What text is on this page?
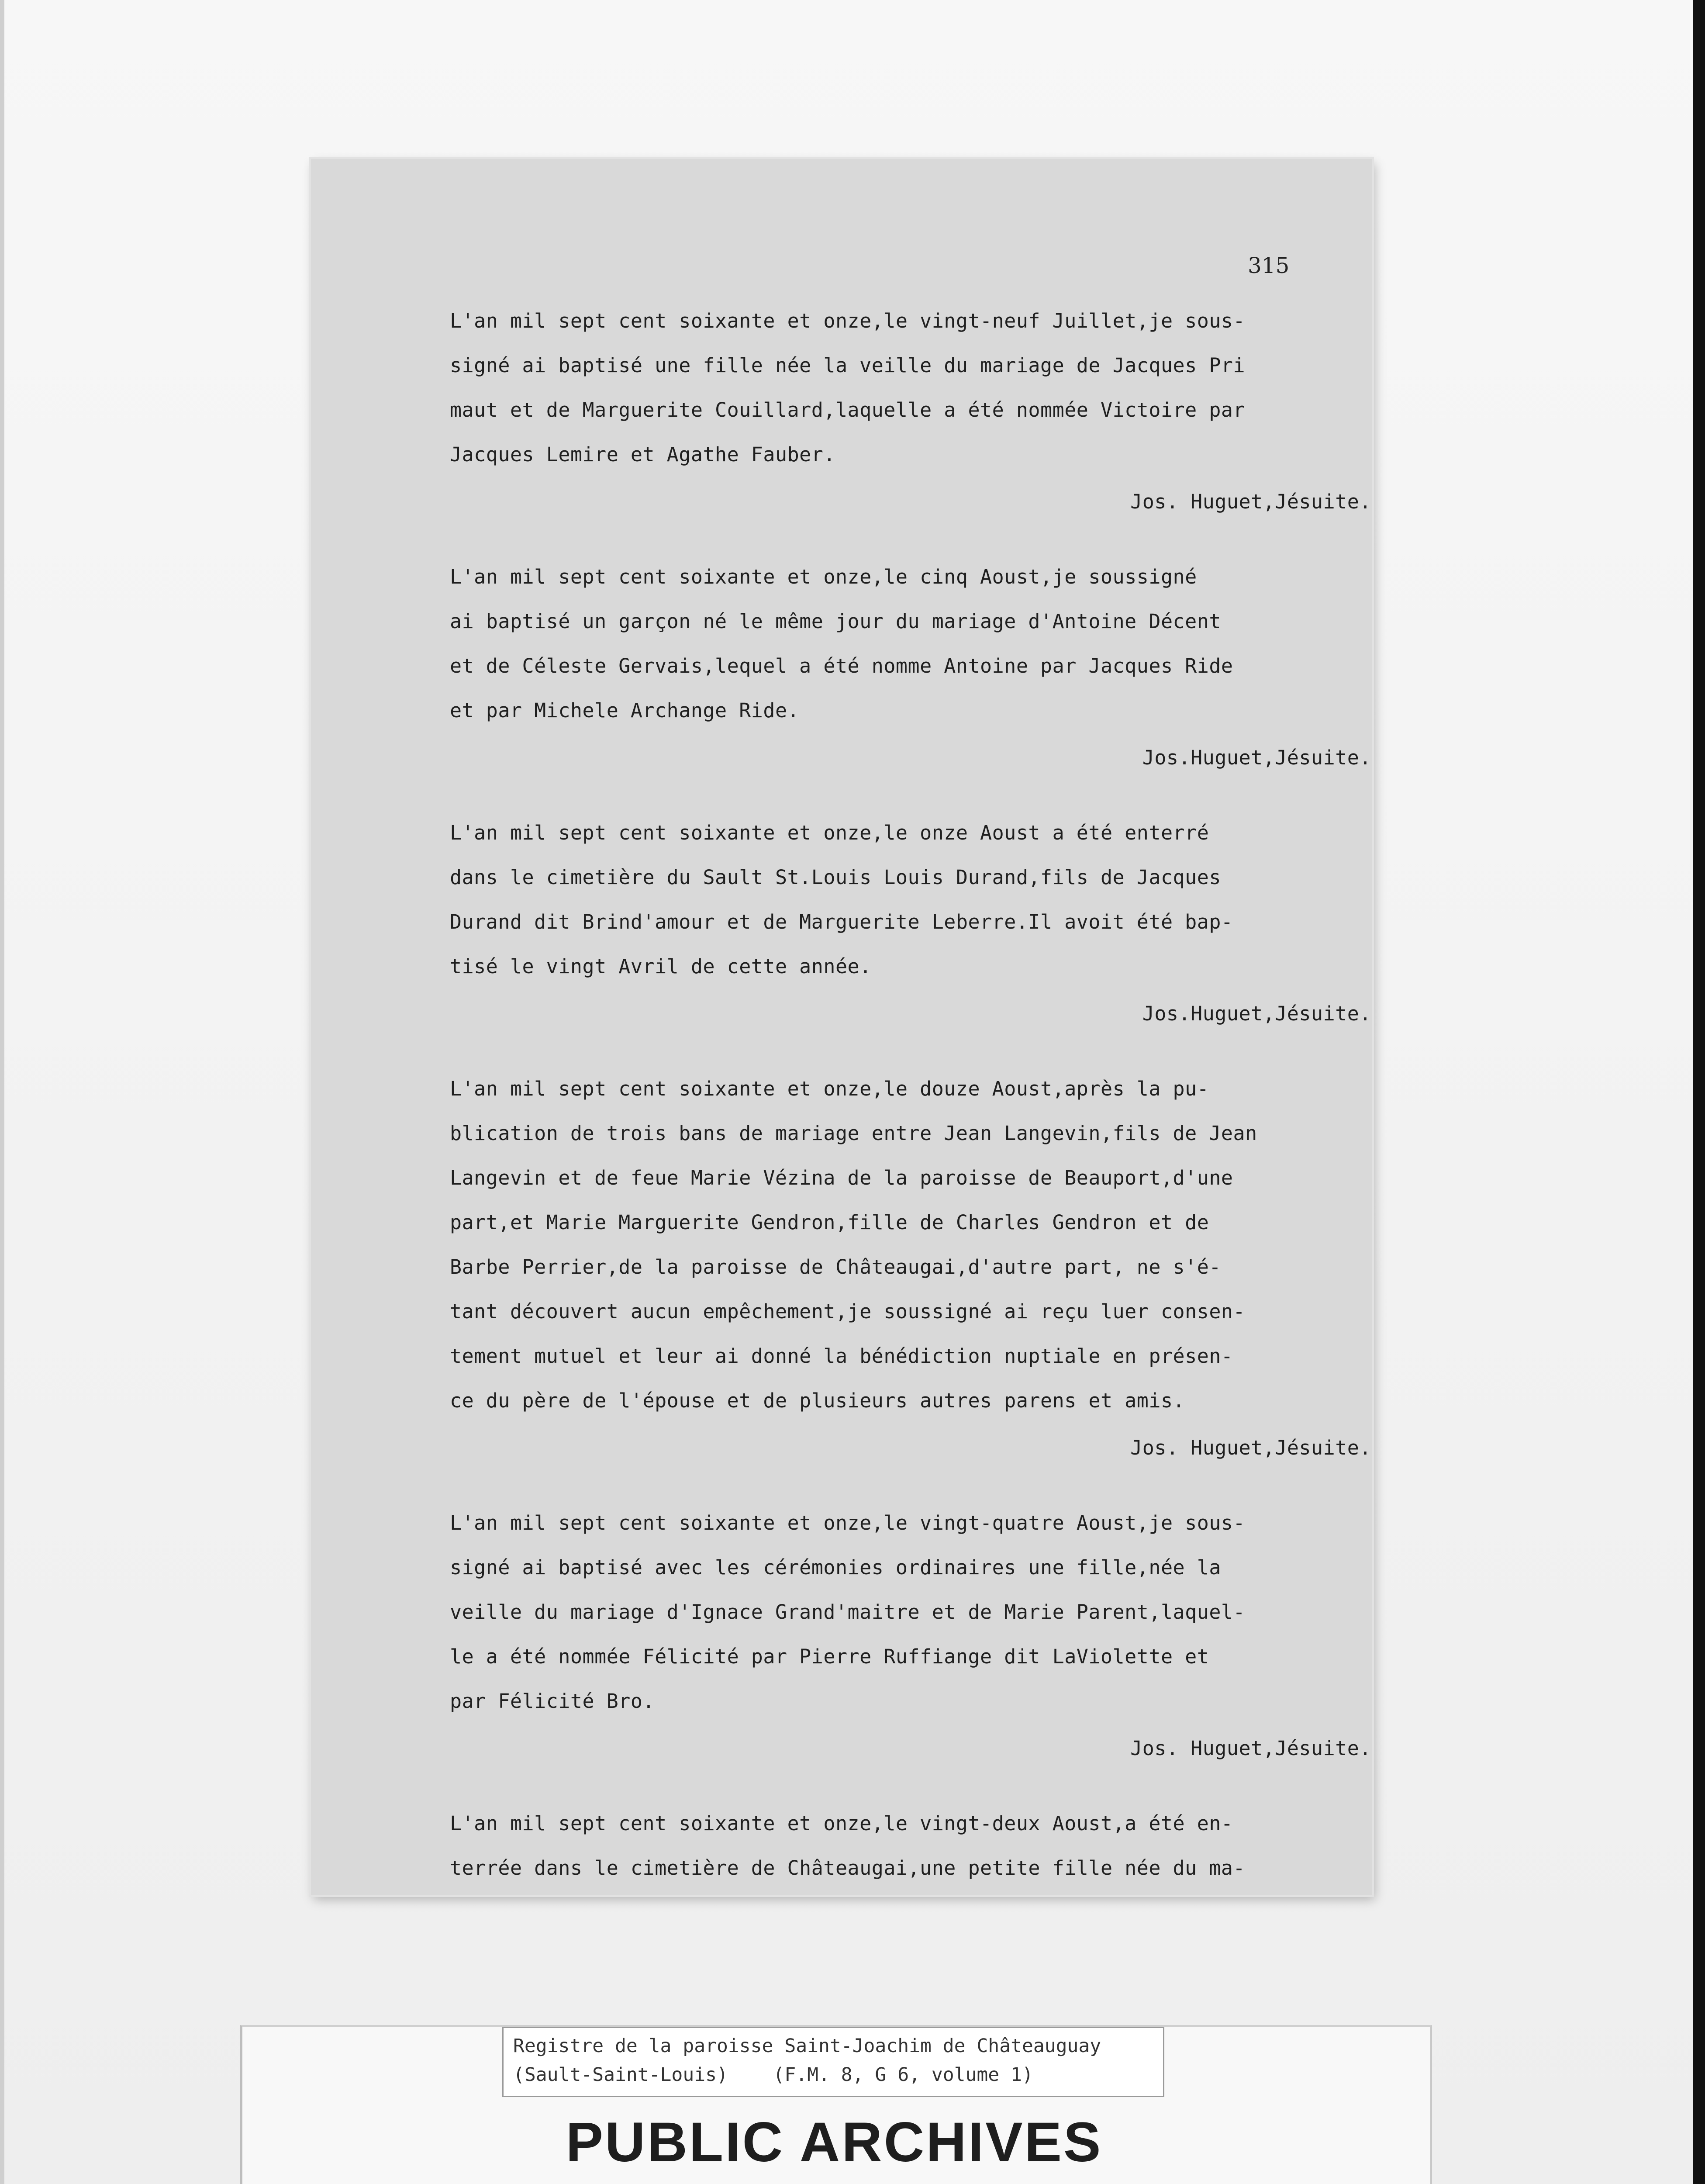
315

L'an mil sept cent soixante et onze,le vingt-neuf Juillet,je sous-

signé ai baptisé une fille née la veille du mariage de Jacques Pri

maut et de Marguerite Couillard,laquelle a été nommée Victoire par

Jacques Lemire et Agathe Fauber.

Jos. Huguet,Jésuite.

L'an mil sept cent soixante et onze,le cinq Aoust,je soussigné

ai baptisé un garçon né le même jour du mariage d'Antoine Décent

et de Céleste Gervais,lequel a été nomme Antoine par Jacques Ride

et par Michele Archange Ride.

Jos.Huguet,Jésuite.

L'an mil sept cent soixante et onze,le onze Aoust a été enterré

dans le cimetière du Sault St.Louis Louis Durand,fils de Jacques

Durand dit Brind'amour et de Marguerite Leberre.Il avoit été bap-

tisé le vingt Avril de cette année.

Jos.Huguet,Jésuite.

L'an mil sept cent soixante et onze,le douze Aoust,après la pu-

blication de trois bans de mariage entre Jean Langevin,fils de Jean

Langevin et de feue Marie Vézina de la paroisse de Beauport,d'une

part,et Marie Marguerite Gendron,fille de Charles Gendron et de

Barbe Perrier,de la paroisse de Châteaugai,d'autre part, ne s'é-

tant découvert aucun empêchement,je soussigné ai reçu luer consen-

tement mutuel et leur ai donné la bénédiction nuptiale en présen-

ce du père de l'épouse et de plusieurs autres parens et amis.

Jos. Huguet,Jésuite.

L'an mil sept cent soixante et onze,le vingt-quatre Aoust,je sous-

signé ai baptisé avec les cérémonies ordinaires une fille,née la

veille du mariage d'Ignace Grand'maitre et de Marie Parent,laquel-

le a été nommée Félicité par Pierre Ruffiange dit LaViolette et

par Félicité Bro.

Jos. Huguet,Jésuite.

L'an mil sept cent soixante et onze,le vingt-deux Aoust,a été en-

terrée dans le cimetière de Châteaugai,une petite fille née du ma-

Registre de la paroisse Saint-Joachim de Châteauguay
(Sault-Saint-Louis)    (F.M. 8, G 6, volume 1)
PUBLIC ARCHIVES
